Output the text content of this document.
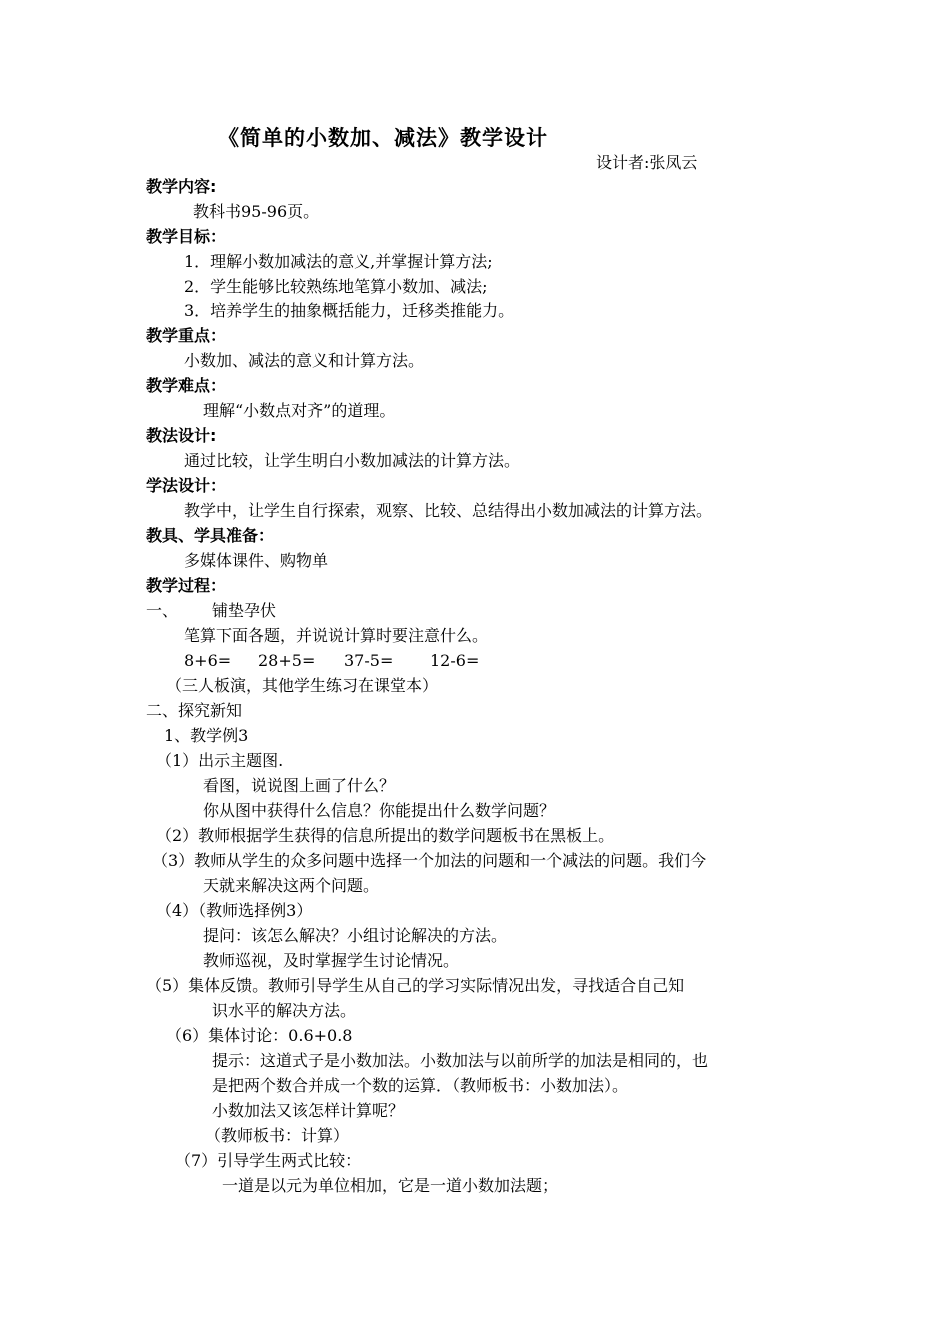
《简单的小数加、减法》教学设计
设计者:张凤云
教学内容:
教科书95-96页。
教学目标：
1．理解小数加减法的意义,并掌握计算方法;
2．学生能够比较熟练地笔算小数加、减法;
3．培养学生的抽象概括能力，迁移类推能力。
教学重点：
小数加、减法的意义和计算方法。
教学难点：
理解“小数点对齐”的道理。
教法设计:
通过比较，让学生明白小数加减法的计算方法。
学法设计：
教学中，让学生自行探索，观察、比较、总结得出小数加减法的计算方法。
教具、学具准备：
多媒体课件、购物单
教学过程：
一、 铺垫孕伏
笔算下面各题，并说说计算时要注意什么。
8+6= 28+5= 37-5= 12-6=
（三人板演，其他学生练习在课堂本）
二、探究新知
1、教学例3
（1）出示主题图.
看图，说说图上画了什么？
你从图中获得什么信息？你能提出什么数学问题？
（2）教师根据学生获得的信息所提出的数学问题板书在黑板上。
（3）教师从学生的众多问题中选择一个加法的问题和一个减法的问题。我们今
天就来解决这两个问题。
（4）（教师选择例3）
提问：该怎么解决？小组讨论解决的方法。
教师巡视，及时掌握学生讨论情况。
（5）集体反馈。教师引导学生从自己的学习实际情况出发，寻找适合自己知
识水平的解决方法。
（6）集体讨论：0.6+0.8
提示：这道式子是小数加法。小数加法与以前所学的加法是相同的，也
是把两个数合并成一个数的运算．（教师板书：小数加法）。
小数加法又该怎样计算呢？
（教师板书：计算）
（7）引导学生两式比较：
一道是以元为单位相加，它是一道小数加法题；
